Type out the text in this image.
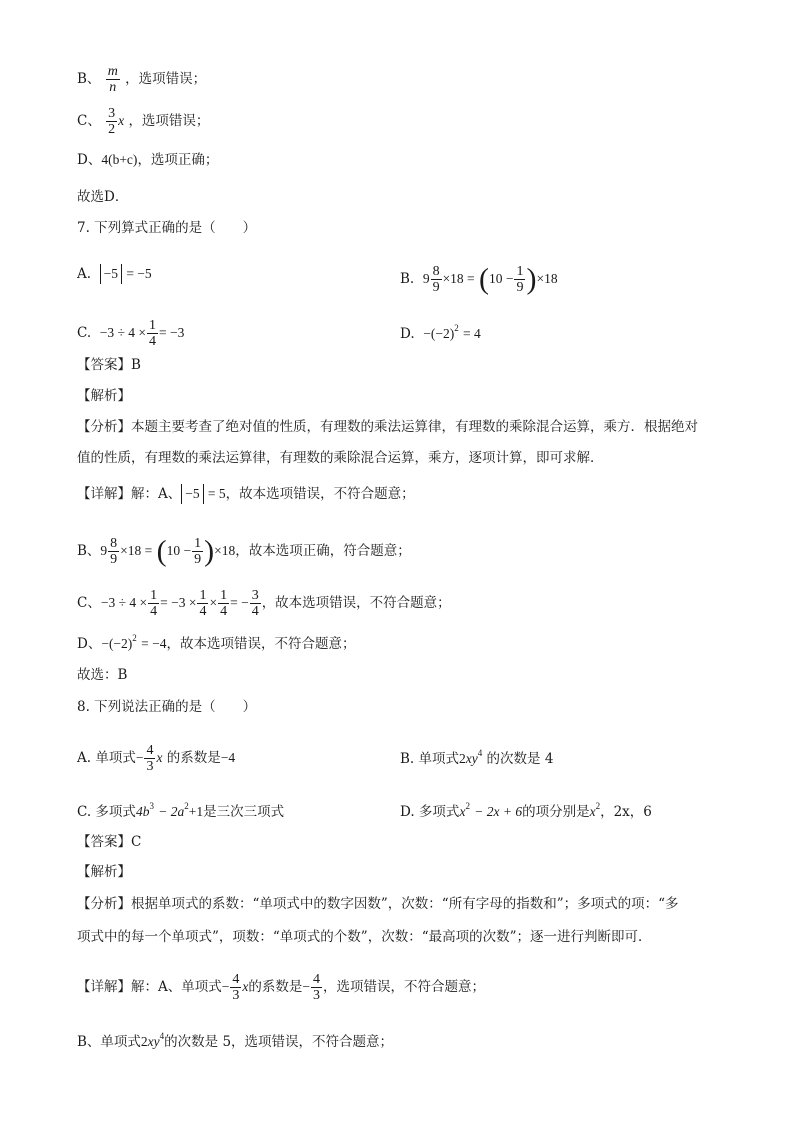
B、 $\frac{m}{n}$ ，选项错误；
C、 $\frac{3}{2}$ x ，选项错误；
D、4(b+c)，选项正确；
故选D．
7. 下列算式正确的是（　　）
A. −5 = −5	B. $9 \frac{8}{9} \times 18 = (10 - \frac{1}{9} )\times 18$
C. $-3 \div 4 \times \frac{1}{4} = -3$	D. $-(-2)^2 = 4$
【答案】B
【解析】
【分析】本题主要考查了绝对值的性质，有理数的乘法运算律，有理数的乘除混合运算，乘方．根据绝对
值的性质，有理数的乘法运算律，有理数的乘除混合运算，乘方，逐项计算，即可求解．
【详解】解：A、 −5 = 5，故本选项错误，不符合题意；
B、$9 \frac{8}{9} \times 18 = (10 - \frac{1}{9} )\times 18$，故本选项正确，符合题意；
C、$-3 \div 4 \times \frac{1}{4} = -3 \times \frac{1}{4} \times \frac{1}{4}$ = − $\frac{3}{4}$ ，故本选项错误，不符合题意；
D、$-(-2)^2 = -4$，故本选项错误，不符合题意；
故选：B
8. 下列说法正确的是（　　）
A. 单项式− $\frac{4}{3}$ x 的系数是−4	B. 单项式$2xy^4$ 的次数是 4
C. 多项式$4b^3 - 2a^2+1$是三次三项式	D. 多项式$x^2 - 2x + 6$的项分别是$x^2$，2x，6
【答案】C
【解析】
【分析】根据单项式的系数：“单项式中的数字因数”，次数：“所有字母的指数和”；多项式的项：“多
项式中的每一个单项式”，项数：“单项式的个数”，次数：“最高项的次数”；逐一进行判断即可．
【详解】解：A、单项式− $\frac{4}{3}$ x的系数是− $\frac{4}{3}$ ，选项错误，不符合题意；
B、单项式$2xy^4$的次数是 5，选项错误，不符合题意；
